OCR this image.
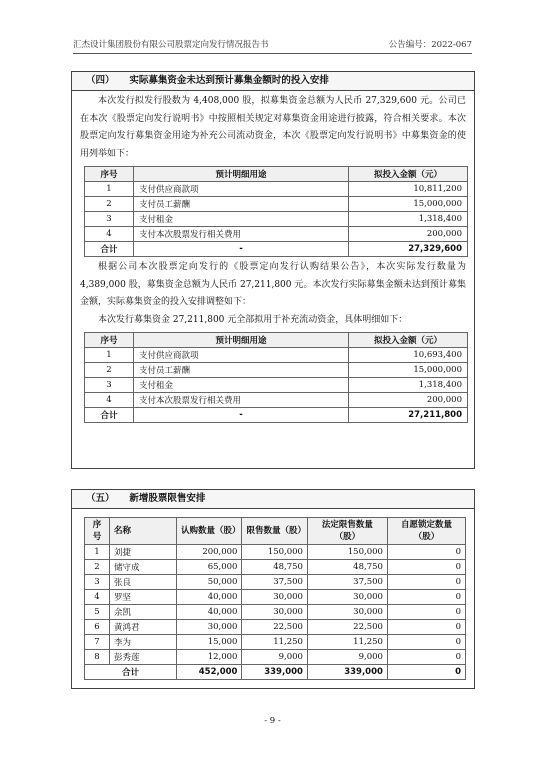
汇杰设计集团股份有限公司股票定向发行情况报告书	公告编号：2022-067
（四） 实际募集资金未达到预计募集金额时的投入安排

本次发行拟发行股数为 4,408,000 股，拟募集资金总额为人民币 27,329,600 元。公司已在本次《股票定向发行说明书》中按照相关规定对募集资金用途进行披露，符合相关要求。本次股票定向发行募集资金用途为补充公司流动资金，本次《股票定向发行说明书》中募集资金的使用列举如下：

序号	预计明细用途	拟投入金额（元）
1	支付供应商款项	10,811,200
2	支付员工薪酬	15,000,000
3	支付租金	1,318,400
4	支付本次股票发行相关费用	200,000
合计	-	27,329,600

根据公司本次股票定向发行的《股票定向发行认购结果公告》，本次实际发行数量为 4,389,000 股，募集资金总额为人民币 27,211,800 元。本次发行实际募集金额未达到预计募集金额，实际募集资金的投入安排调整如下：

本次发行募集资金 27,211,800 元全部拟用于补充流动资金，具体明细如下：

序号	预计明细用途	拟投入金额（元）
1	支付供应商款项	10,693,400
2	支付员工薪酬	15,000,000
3	支付租金	1,318,400
4	支付本次股票发行相关费用	200,000
合计	-	27,211,800
（五） 新增股票限售安排
序号	名称	认购数量（股）	限售数量（股）	法定限售数量（股）	自愿锁定数量（股）
1	刘捷	200,000	150,000	150,000	0
2	储守成	65,000	48,750	48,750	0
3	张良	50,000	37,500	37,500	0
4	罗坚	40,000	30,000	30,000	0
5	余凯	40,000	30,000	30,000	0
6	黄鸿君	30,000	22,500	22,500	0
7	李为	15,000	11,250	11,250	0
8	彭秀莲	12,000	9,000	9,000	0
合计		452,000	339,000	339,000	0
- 9 -
